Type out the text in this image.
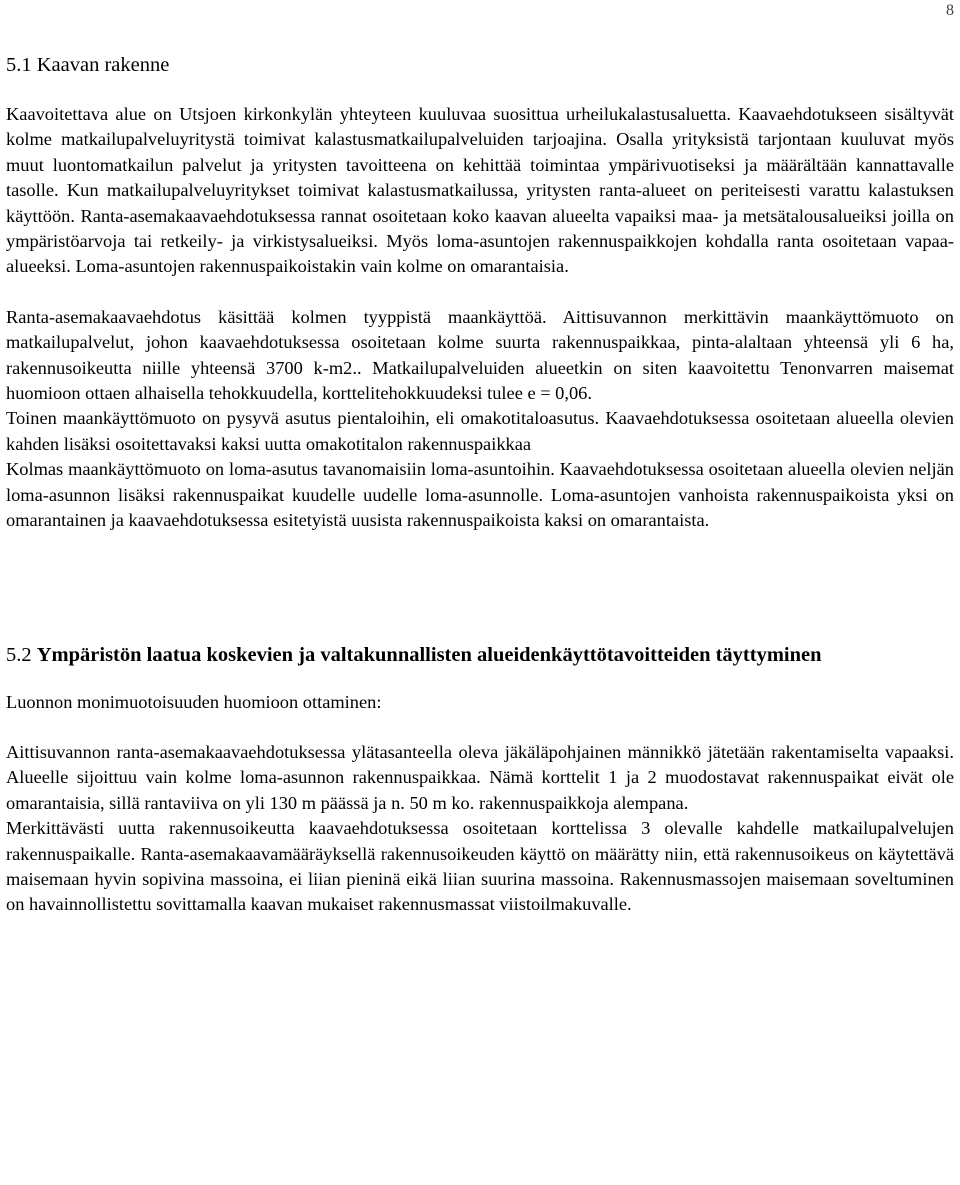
8
5.1 Kaavan rakenne

Kaavoitettava alue on Utsjoen kirkonkylän yhteyteen kuuluvaa suosittua urheilukalastusaluetta. Kaavaehdotukseen sisältyvät kolme matkailupalveluyritystä toimivat kalastusmatkailupalveluiden tarjoajina. Osalla yrityksistä tarjontaan kuuluvat myös muut luontomatkailun palvelut ja yritysten tavoitteena on kehittää toimintaa ympärivuotiseksi ja määrältään kannattavalle tasolle. Kun matkailupalveluyritykset toimivat kalastusmatkailussa, yritysten ranta-alueet on periteisesti varattu kalastuksen käyttöön. Ranta-asemakaavaehdotuksessa rannat osoitetaan koko kaavan alueelta vapaiksi maa- ja metsätalousalueiksi joilla on ympäristöarvoja tai retkeily- ja virkistysalueiksi. Myös loma-asuntojen rakennuspaikkojen kohdalla ranta osoitetaan vapaa-alueeksi. Loma-asuntojen rakennuspaikoistakin vain kolme on omarantaisia.

Ranta-asemakaavaehdotus käsittää kolmen tyyppistä maankäyttöä. Aittisuvannon merkittävin maankäyttömuoto on matkailupalvelut, johon kaavaehdotuksessa osoitetaan kolme suurta rakennuspaikkaa, pinta-alaltaan yhteensä yli 6 ha, rakennusoikeutta niille yhteensä 3700 k-m2.. Matkailupalveluiden alueetkin on siten kaavoitettu Tenonvarren maisemat huomioon ottaen alhaisella tehokkuudella, korttelitehokkuudeksi tulee e = 0,06.

Toinen maankäyttömuoto on pysyvä asutus pientaloihin, eli omakotitaloasutus. Kaavaehdotuksessa osoitetaan alueella olevien kahden lisäksi osoitettavaksi kaksi uutta omakotitalon rakennuspaikkaa

Kolmas maankäyttömuoto on loma-asutus tavanomaisiin loma-asuntoihin. Kaavaehdotuksessa osoitetaan alueella olevien neljän loma-asunnon lisäksi rakennuspaikat kuudelle uudelle loma-asunnolle. Loma-asuntojen vanhoista rakennuspaikoista yksi on omarantainen ja kaavaehdotuksessa esitetyistä uusista rakennuspaikoista kaksi on omarantaista.

5.2 Ympäristön laatua koskevien ja valtakunnallisten alueidenkäyttötavoitteiden täyttyminen

Luonnon monimuotoisuuden huomioon ottaminen:

Aittisuvannon ranta-asemakaavaehdotuksessa ylätasanteella oleva jäkäläpohjainen männikkö jätetään rakentamiselta vapaaksi. Alueelle sijoittuu vain kolme loma-asunnon rakennuspaikkaa. Nämä korttelit 1 ja 2 muodostavat rakennuspaikat eivät ole omarantaisia, sillä rantaviiva on yli 130 m päässä ja n. 50 m ko. rakennuspaikkoja alempana.

Merkittävästi uutta rakennusoikeutta kaavaehdotuksessa osoitetaan korttelissa 3 olevalle kahdelle matkailupalvelujen rakennuspaikalle. Ranta-asemakaavamääräyksellä rakennusoikeuden käyttö on määrätty niin, että rakennusoikeus on käytettävä maisemaan hyvin sopivina massoina, ei liian pieninä eikä liian suurina massoina. Rakennusmassojen maisemaan soveltuminen on havainnollistettu sovittamalla kaavan mukaiset rakennusmassat viistoilmakuvalle.
